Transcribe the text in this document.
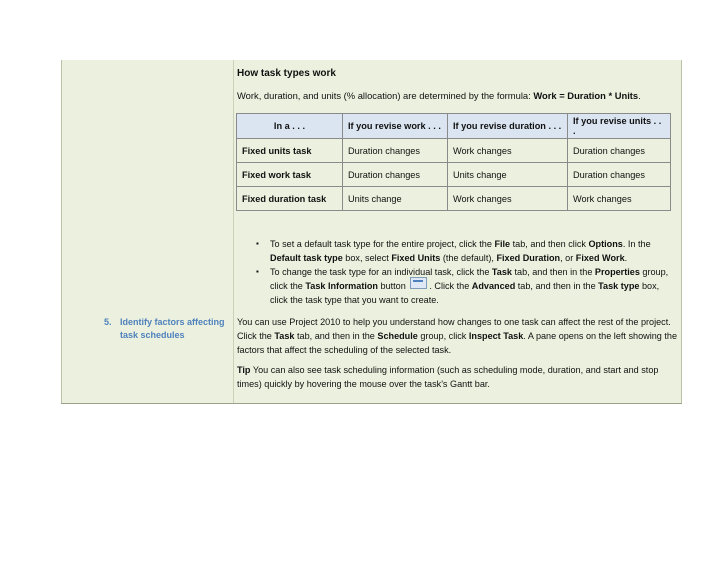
How task types work
Work, duration, and units (% allocation) are determined by the formula: Work = Duration * Units.
In a . . .	If you revise work . . .	If you revise duration . . .	If you revise units . . .
Fixed units task	Duration changes	Work changes	Duration changes
Fixed work task	Duration changes	Units change	Duration changes
Fixed duration task	Units change	Work changes	Work changes
▪ To set a default task type for the entire project, click the File tab, and then click Options. In the Default task type box, select Fixed Units (the default), Fixed Duration, or Fixed Work.
▪ To change the task type for an individual task, click the Task tab, and then in the Properties group, click the Task Information button . Click the Advanced tab, and then in the Task type box, click the task type that you want to create.
5. Identify factors affecting task schedules
You can use Project 2010 to help you understand how changes to one task can affect the rest of the project. Click the Task tab, and then in the Schedule group, click Inspect Task. A pane opens on the left showing the factors that affect the scheduling of the selected task.
Tip You can also see task scheduling information (such as scheduling mode, duration, and start and stop times) quickly by hovering the mouse over the task's Gantt bar.
